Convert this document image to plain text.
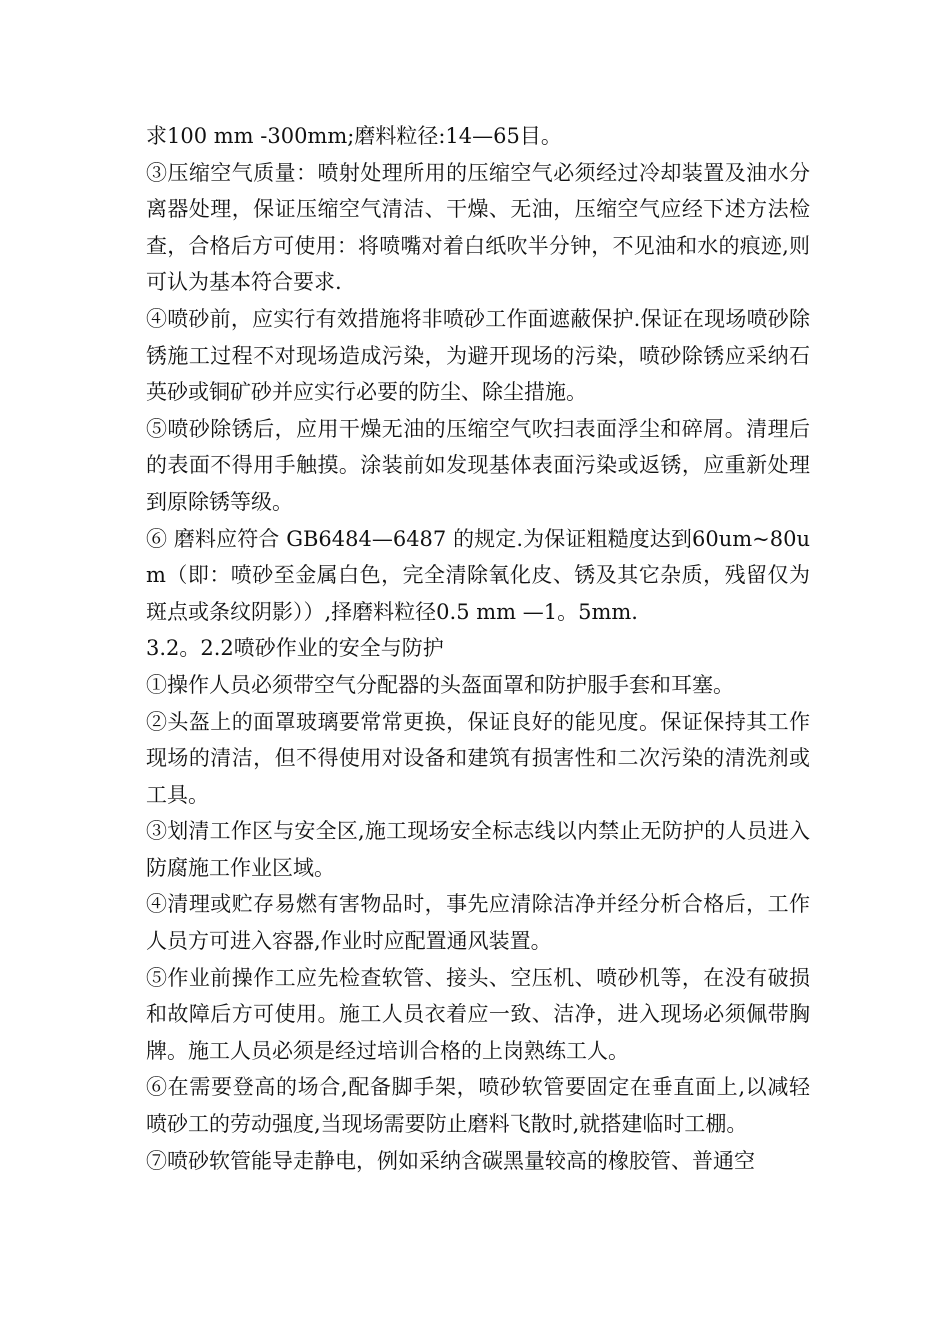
求100 mm -300mm;磨料粒径:14—65目。

③压缩空气质量：喷射处理所用的压缩空气必须经过冷却装置及油水分离器处理，保证压缩空气清洁、干燥、无油，压缩空气应经下述方法检查，合格后方可使用：将喷嘴对着白纸吹半分钟，不见油和水的痕迹,则可认为基本符合要求.

④喷砂前，应实行有效措施将非喷砂工作面遮蔽保护.保证在现场喷砂除锈施工过程不对现场造成污染，为避开现场的污染，喷砂除锈应采纳石英砂或铜矿砂并应实行必要的防尘、除尘措施。

⑤喷砂除锈后，应用干燥无油的压缩空气吹扫表面浮尘和碎屑。清理后的表面不得用手触摸。涂装前如发现基体表面污染或返锈，应重新处理到原除锈等级。

⑥ 磨料应符合 GB6484—6487 的规定.为保证粗糙度达到60um~80um（即：喷砂至金属白色，完全清除氧化皮、锈及其它杂质，残留仅为斑点或条纹阴影））,择磨料粒径0.5 mm —1。5mm.

3.2。2.2喷砂作业的安全与防护

①操作人员必须带空气分配器的头盔面罩和防护服手套和耳塞。

②头盔上的面罩玻璃要常常更换，保证良好的能见度。保证保持其工作现场的清洁，但不得使用对设备和建筑有损害性和二次污染的清洗剂或工具。

③划清工作区与安全区,施工现场安全标志线以内禁止无防护的人员进入防腐施工作业区域。

④清理或贮存易燃有害物品时，事先应清除洁净并经分析合格后，工作人员方可进入容器,作业时应配置通风装置。

⑤作业前操作工应先检查软管、接头、空压机、喷砂机等，在没有破损和故障后方可使用。施工人员衣着应一致、洁净，进入现场必须佩带胸牌。施工人员必须是经过培训合格的上岗熟练工人。

⑥在需要登高的场合,配备脚手架，喷砂软管要固定在垂直面上,以减轻喷砂工的劳动强度,当现场需要防止磨料飞散时,就搭建临时工棚。

⑦喷砂软管能导走静电，例如采纳含碳黑量较高的橡胶管、普通空
